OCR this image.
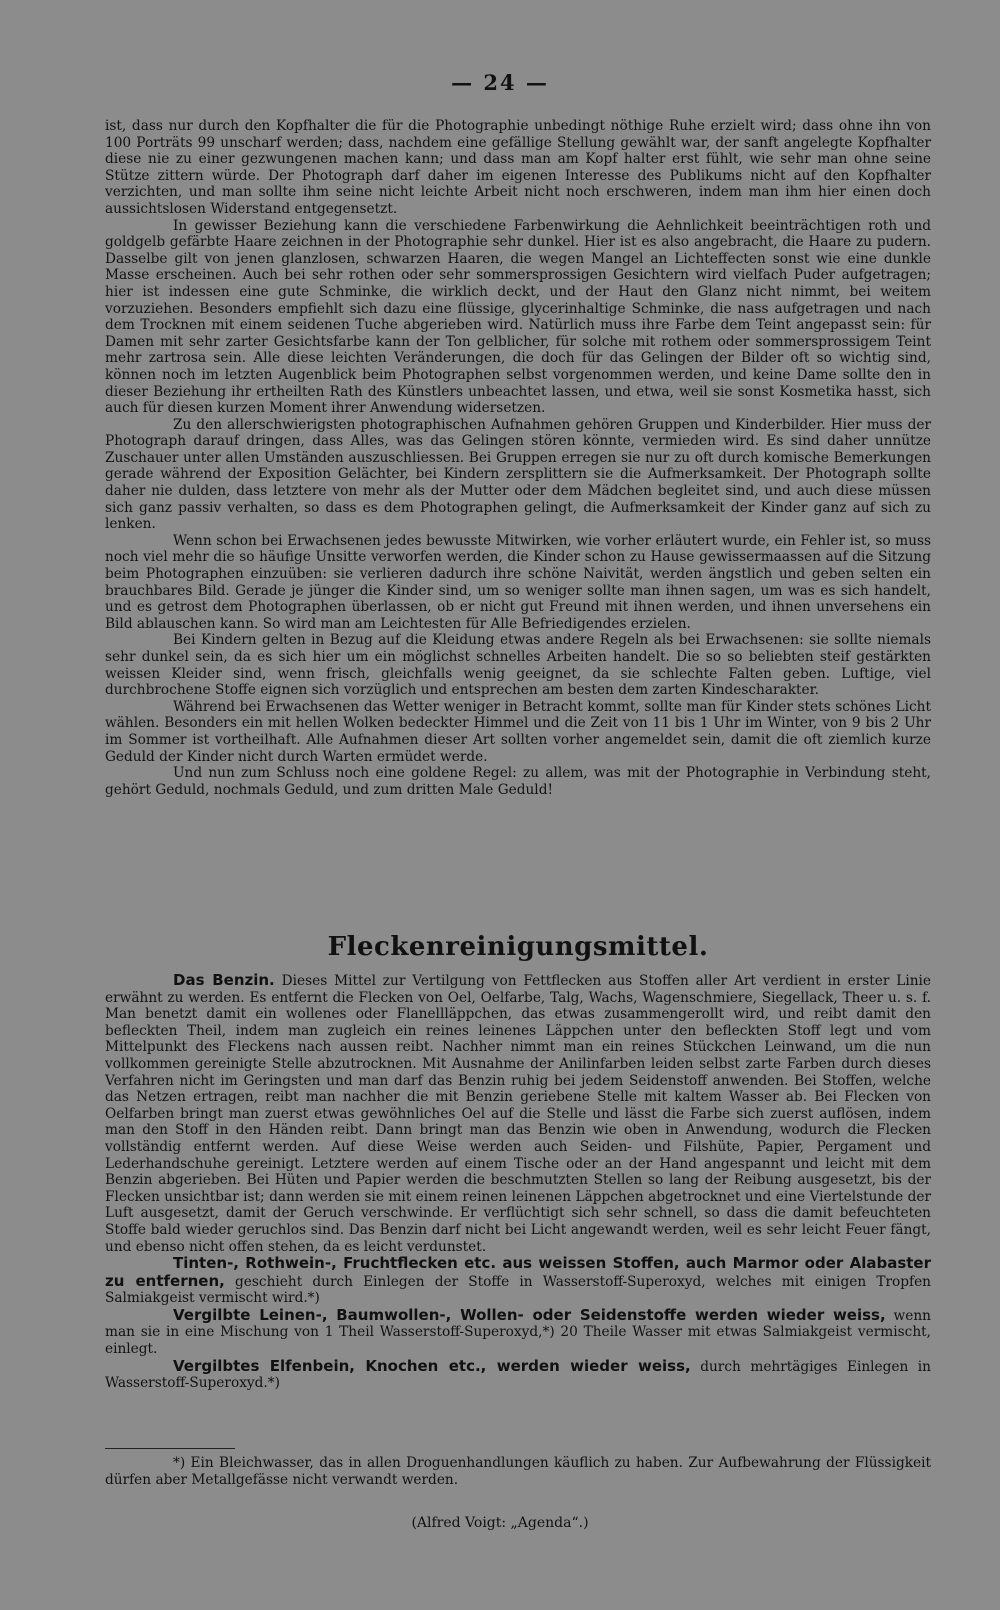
— 24 —

ist, dass nur durch den Kopfhalter die für die Photographie unbedingt nöthige Ruhe erzielt wird; dass ohne ihn von 100 Porträts 99 unscharf werden; dass, nachdem eine gefällige Stellung gewählt war, der sanft angelegte Kopfhalter diese nie zu einer gezwungenen machen kann; und dass man am Kopf halter erst fühlt, wie sehr man ohne seine Stütze zittern würde. Der Photograph darf daher im eigenen Interesse des Publikums nicht auf den Kopfhalter verzichten, und man sollte ihm seine nicht leichte Arbeit nicht noch erschweren, indem man ihm hier einen doch aussichtslosen Widerstand entgegensetzt.

In gewisser Beziehung kann die verschiedene Farbenwirkung die Aehnlichkeit beeinträchtigen roth und goldgelb gefärbte Haare zeichnen in der Photographie sehr dunkel. Hier ist es also angebracht, die Haare zu pudern. Dasselbe gilt von jenen glanzlosen, schwarzen Haaren, die wegen Mangel an Lichteffecten sonst wie eine dunkle Masse erscheinen. Auch bei sehr rothen oder sehr sommersprossigen Gesichtern wird vielfach Puder aufgetragen; hier ist indessen eine gute Schminke, die wirklich deckt, und der Haut den Glanz nicht nimmt, bei weitem vorzuziehen. Besonders empfiehlt sich dazu eine flüssige, glycerinhaltige Schminke, die nass aufgetragen und nach dem Trocknen mit einem seidenen Tuche abgerieben wird. Natürlich muss ihre Farbe dem Teint angepasst sein: für Damen mit sehr zarter Gesichtsfarbe kann der Ton gelblicher, für solche mit rothem oder sommersprossigem Teint mehr zartrosa sein. Alle diese leichten Veränderungen, die doch für das Gelingen der Bilder oft so wichtig sind, können noch im letzten Augenblick beim Photographen selbst vorgenommen werden, und keine Dame sollte den in dieser Beziehung ihr ertheilten Rath des Künstlers unbeachtet lassen, und etwa, weil sie sonst Kosmetika hasst, sich auch für diesen kurzen Moment ihrer Anwendung widersetzen.

Zu den allerschwierigsten photographischen Aufnahmen gehören Gruppen und Kinderbilder. Hier muss der Photograph darauf dringen, dass Alles, was das Gelingen stören könnte, vermieden wird. Es sind daher unnütze Zuschauer unter allen Umständen auszuschliessen. Bei Gruppen erregen sie nur zu oft durch komische Bemerkungen gerade während der Exposition Gelächter, bei Kindern zersplittern sie die Aufmerksamkeit. Der Photograph sollte daher nie dulden, dass letztere von mehr als der Mutter oder dem Mädchen begleitet sind, und auch diese müssen sich ganz passiv verhalten, so dass es dem Photographen gelingt, die Aufmerksamkeit der Kinder ganz auf sich zu lenken.

Wenn schon bei Erwachsenen jedes bewusste Mitwirken, wie vorher erläutert wurde, ein Fehler ist, so muss noch viel mehr die so häufige Unsitte verworfen werden, die Kinder schon zu Hause gewissermaassen auf die Sitzung beim Photographen einzuüben: sie verlieren dadurch ihre schöne Naivität, werden ängstlich und geben selten ein brauchbares Bild. Gerade je jünger die Kinder sind, um so weniger sollte man ihnen sagen, um was es sich handelt, und es getrost dem Photographen überlassen, ob er nicht gut Freund mit ihnen werden, und ihnen unversehens ein Bild ablauschen kann. So wird man am Leichtesten für Alle Befriedigendes erzielen.

Bei Kindern gelten in Bezug auf die Kleidung etwas andere Regeln als bei Erwachsenen: sie sollte niemals sehr dunkel sein, da es sich hier um ein möglichst schnelles Arbeiten handelt. Die so so beliebten steif gestärkten weissen Kleider sind, wenn frisch, gleichfalls wenig geeignet, da sie schlechte Falten geben. Luftige, viel durchbrochene Stoffe eignen sich vorzüglich und entsprechen am besten dem zarten Kindescharakter.

Während bei Erwachsenen das Wetter weniger in Betracht kommt, sollte man für Kinder stets schönes Licht wählen. Besonders ein mit hellen Wolken bedeckter Himmel und die Zeit von 11 bis 1 Uhr im Winter, von 9 bis 2 Uhr im Sommer ist vortheilhaft. Alle Aufnahmen dieser Art sollten vorher angemeldet sein, damit die oft ziemlich kurze Geduld der Kinder nicht durch Warten ermüdet werde.

Und nun zum Schluss noch eine goldene Regel: zu allem, was mit der Photographie in Verbindung steht, gehört Geduld, nochmals Geduld, und zum dritten Male Geduld!

Fleckenreinigungsmittel.

Das Benzin. Dieses Mittel zur Vertilgung von Fettflecken aus Stoffen aller Art verdient in erster Linie erwähnt zu werden. Es entfernt die Flecken von Oel, Oelfarbe, Talg, Wachs, Wagenschmiere, Siegellack, Theer u. s. f. Man benetzt damit ein wollenes oder Flanellläppchen, das etwas zusammengerollt wird, und reibt damit den befleckten Theil, indem man zugleich ein reines leinenes Läppchen unter den befleckten Stoff legt und vom Mittelpunkt des Fleckens nach aussen reibt. Nachher nimmt man ein reines Stückchen Leinwand, um die nun vollkommen gereinigte Stelle abzutrocknen. Mit Ausnahme der Anilinfarben leiden selbst zarte Farben durch dieses Verfahren nicht im Geringsten und man darf das Benzin ruhig bei jedem Seidenstoff anwenden. Bei Stoffen, welche das Netzen ertragen, reibt man nachher die mit Benzin geriebene Stelle mit kaltem Wasser ab. Bei Flecken von Oelfarben bringt man zuerst etwas gewöhnliches Oel auf die Stelle und lässt die Farbe sich zuerst auflösen, indem man den Stoff in den Händen reibt. Dann bringt man das Benzin wie oben in Anwendung, wodurch die Flecken vollständig entfernt werden. Auf diese Weise werden auch Seiden- und Filshüte, Papier, Pergament und Lederhandschuhe gereinigt. Letztere werden auf einem Tische oder an der Hand angespannt und leicht mit dem Benzin abgerieben. Bei Hüten und Papier werden die beschmutzten Stellen so lang der Reibung ausgesetzt, bis der Flecken unsichtbar ist; dann werden sie mit einem reinen leinenen Läppchen abgetrocknet und eine Viertelstunde der Luft ausgesetzt, damit der Geruch verschwinde. Er verflüchtigt sich sehr schnell, so dass die damit befeuchteten Stoffe bald wieder geruchlos sind. Das Benzin darf nicht bei Licht angewandt werden, weil es sehr leicht Feuer fängt, und ebenso nicht offen stehen, da es leicht verdunstet.

Tinten-, Rothwein-, Fruchtflecken etc. aus weissen Stoffen, auch Marmor oder Alabaster zu entfernen, geschieht durch Einlegen der Stoffe in Wasserstoff-Superoxyd, welches mit einigen Tropfen Salmiakgeist vermischt wird.*)

Vergilbte Leinen-, Baumwollen-, Wollen- oder Seidenstoffe werden wieder weiss, wenn man sie in eine Mischung von 1 Theil Wasserstoff-Superoxyd,*) 20 Theile Wasser mit etwas Salmiakgeist vermischt, einlegt.

Vergilbtes Elfenbein, Knochen etc., werden wieder weiss, durch mehrtägiges Einlegen in Wasserstoff-Superoxyd.*)

*) Ein Bleichwasser, das in allen Droguenhandlungen käuflich zu haben. Zur Aufbewahrung der Flüssigkeit dürfen aber Metallgefässe nicht verwandt werden.
(Alfred Voigt: „Agenda“.)
